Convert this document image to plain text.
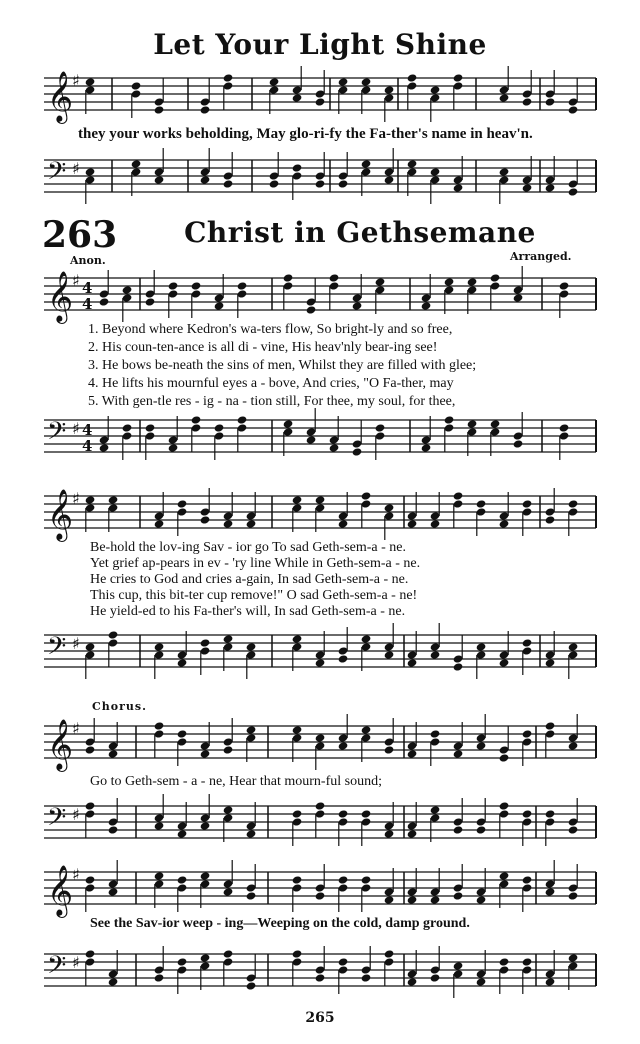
Let Your Light Shine
𝄞
♯
they your works beholding, May glo-ri-fy the Fa-ther's name in heav'n.
𝄢 ♯
263	Christ in Gethsemane
Anon.	Arranged.
𝄞
♯ 4
4
1. Beyond where Kedron's wa-ters flow, So bright-ly and so free,
2. His coun-ten-ance is all di - vine, His heav'nly bear-ing see!
3. He bows be-neath the sins of men, Whilst they are filled with glee;
4. He lifts his mournful eyes a - bove, And cries, "O Fa-ther, may
5. With gen-tle res - ig - na - tion still, For thee, my soul, for thee,
𝄢 ♯ 4
4
𝄞
♯
Be-hold the lov-ing Sav - ior go To sad Geth-sem-a - ne.
Yet grief ap-pears in ev - 'ry line While in Geth-sem-a - ne.
He cries to God and cries a-gain, In sad Geth-sem-a - ne.
This cup, this bit-ter cup remove!" O sad Geth-sem-a - ne!
He yield-ed to his Fa-ther's will, In sad Geth-sem-a - ne.
𝄢 ♯
Chorus.
𝄞
♯
Go to Geth-sem - a - ne, Hear that mourn-ful sound;
𝄢 ♯
𝄞
♯
See the Sav-ior weep - ing—Weeping on the cold, damp ground.
𝄢 ♯
265
